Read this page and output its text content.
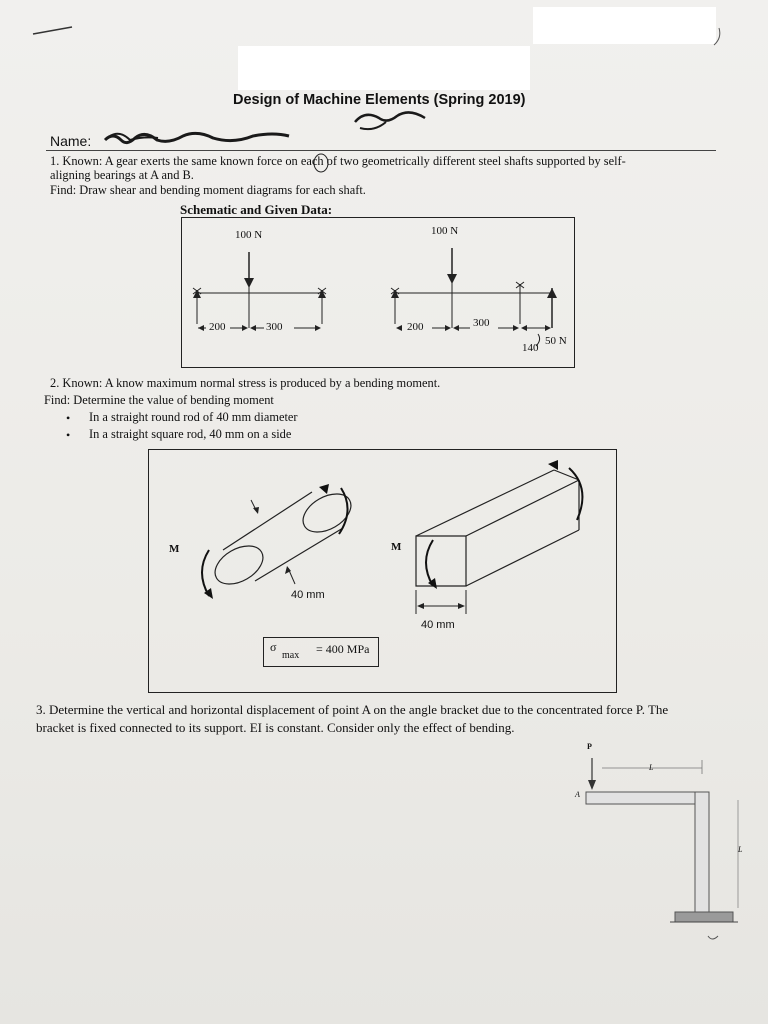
Design of Machine Elements (Spring 2019)
Name:
1. Known: A gear exerts the same known force on each of two geometrically different steel shafts supported by self-
aligning bearings at A and B.
Find: Draw shear and bending moment diagrams for each shaft.
Schematic and Given Data:
100 N	100 N
200	300	200	300
140
50 N
2. Known: A know maximum normal stress is produced by a bending moment.
Find: Determine the value of bending moment
• In a straight round rod of 40 mm diameter
• In a straight square rod, 40 mm on a side
σ
max = 400 MPa
M	M
40 mm
40 mm
3. Determine the vertical and horizontal displacement of point A on the angle bracket due to the concentrated force P. The
bracket is fixed connected to its support. EI is constant. Consider only the effect of bending.
P
A
L
L
